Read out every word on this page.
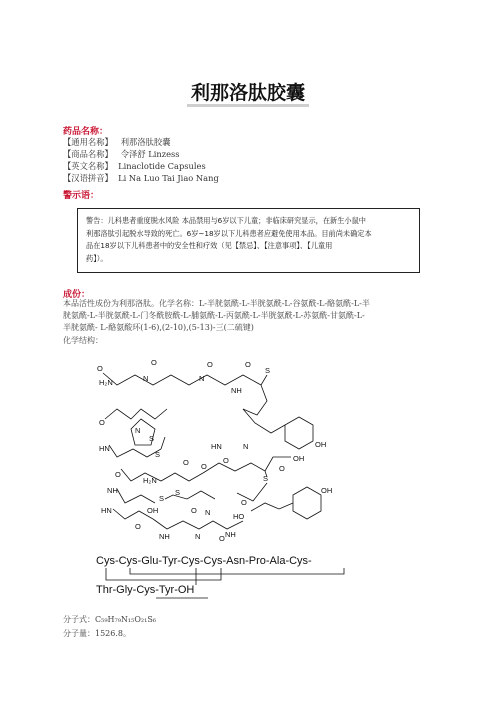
利那洛肽胶囊
药品名称：
【通用名称】 利那洛肽胶囊
【商品名称】 令泽舒 Linzess
【英文名称】 Linaclotide Capsules
【汉语拼音】 Li Na Luo Tai Jiao Nang
警示语：
警告：儿科患者重度脱水风险 本品禁用与6岁以下儿童；非临床研究显示，在新生小鼠中
利那洛肽引起脱水导致的死亡。6岁~18岁以下儿科患者应避免使用本品。目前尚未确定本
品在18岁以下儿科患者中的安全性和疗效（见【禁忌】、【注意事项】、【儿童用
药】）。
成份：
本品活性成份为利那洛肽。化学名称：L-半胱氨酰-L-半胱氨酰-L-谷氨酰-L-酪氨酰-L-半
胱氨酰-L-半胱氨酰-L-门冬酰胺酰-L-脯氨酰-L-丙氨酰-L-半胱氨酰-L-苏氨酰-甘氨酰-L-
半胱氨酰- L-酪氨酸环(1-6),(2-10),(5-13)-三(二硫键)
化学结构：
O
H₂N
O	O	O
N	N
NH
S
O
N
HN
S
S
O
H₂N
O O
O
HN	N	OH
OH
O
NH
S
S
S
OH
O
HO
HN	OH
O
NH
O
N
N
O NH
Cys-Cys-Glu-Tyr-Cys-Cys-Asn-Pro-Ala-Cys-
Thr-Gly-Cys-Tyr-OH
分子式：C₅₉H₇₉N₁₅O₂₁S₆
分子量：1526.8。
